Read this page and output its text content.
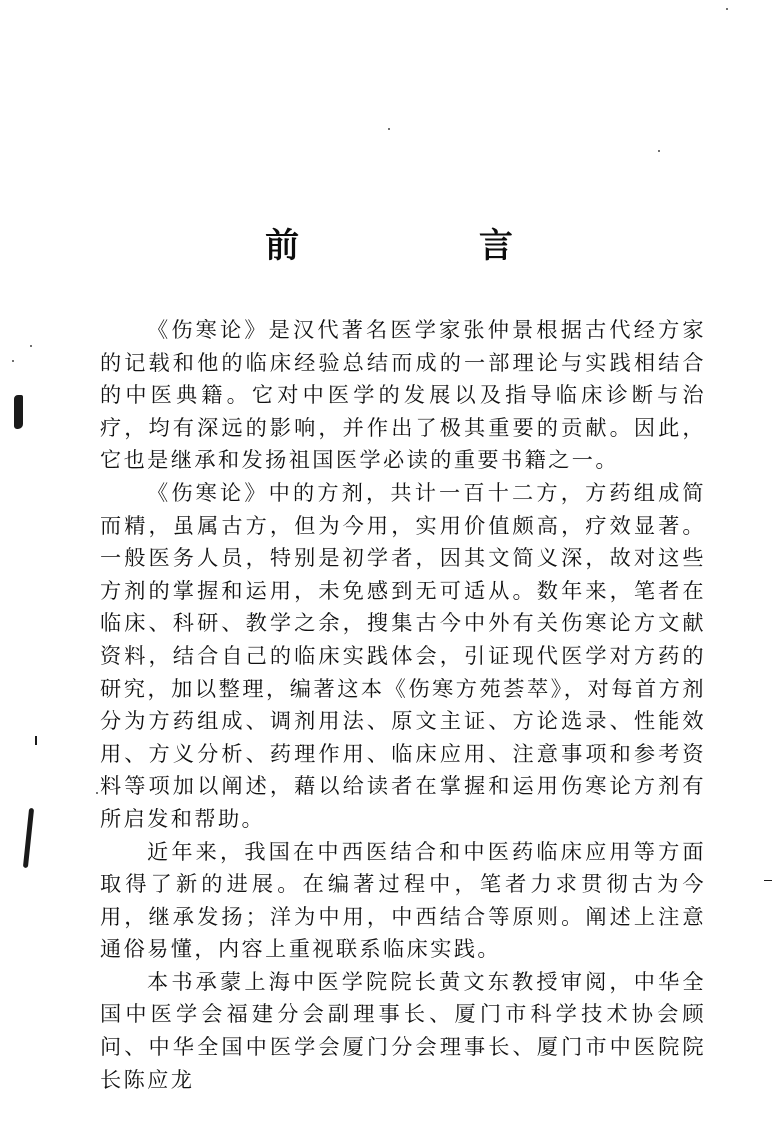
前 言

《伤寒论》是汉代著名医学家张仲景根据古代经方家的记载和他的临床经验总结而成的一部理论与实践相结合的中医典籍。它对中医学的发展以及指导临床诊断与治疗，均有深远的影响，并作出了极其重要的贡献。因此，它也是继承和发扬祖国医学必读的重要书籍之一。

《伤寒论》中的方剂，共计一百十二方，方药组成简而精，虽属古方，但为今用，实用价值颇高，疗效显著。一般医务人员，特别是初学者，因其文简义深，故对这些方剂的掌握和运用，未免感到无可适从。数年来，笔者在临床、科研、教学之余，搜集古今中外有关伤寒论方文献资料，结合自己的临床实践体会，引证现代医学对方药的研究，加以整理，编著这本《伤寒方苑荟萃》，对每首方剂分为方药组成、调剂用法、原文主证、方论选录、性能效用、方义分析、药理作用、临床应用、注意事项和参考资料等项加以阐述，藉以给读者在掌握和运用伤寒论方剂有所启发和帮助。

近年来，我国在中西医结合和中医药临床应用等方面取得了新的进展。在编著过程中，笔者力求贯彻古为今用，继承发扬；洋为中用，中西结合等原则。阐述上注意通俗易懂，内容上重视联系临床实践。

本书承蒙上海中医学院院长黄文东教授审阅，中华全国中医学会福建分会副理事长、厦门市科学技术协会顾问、中华全国中医学会厦门分会理事长、厦门市中医院院长陈应龙
